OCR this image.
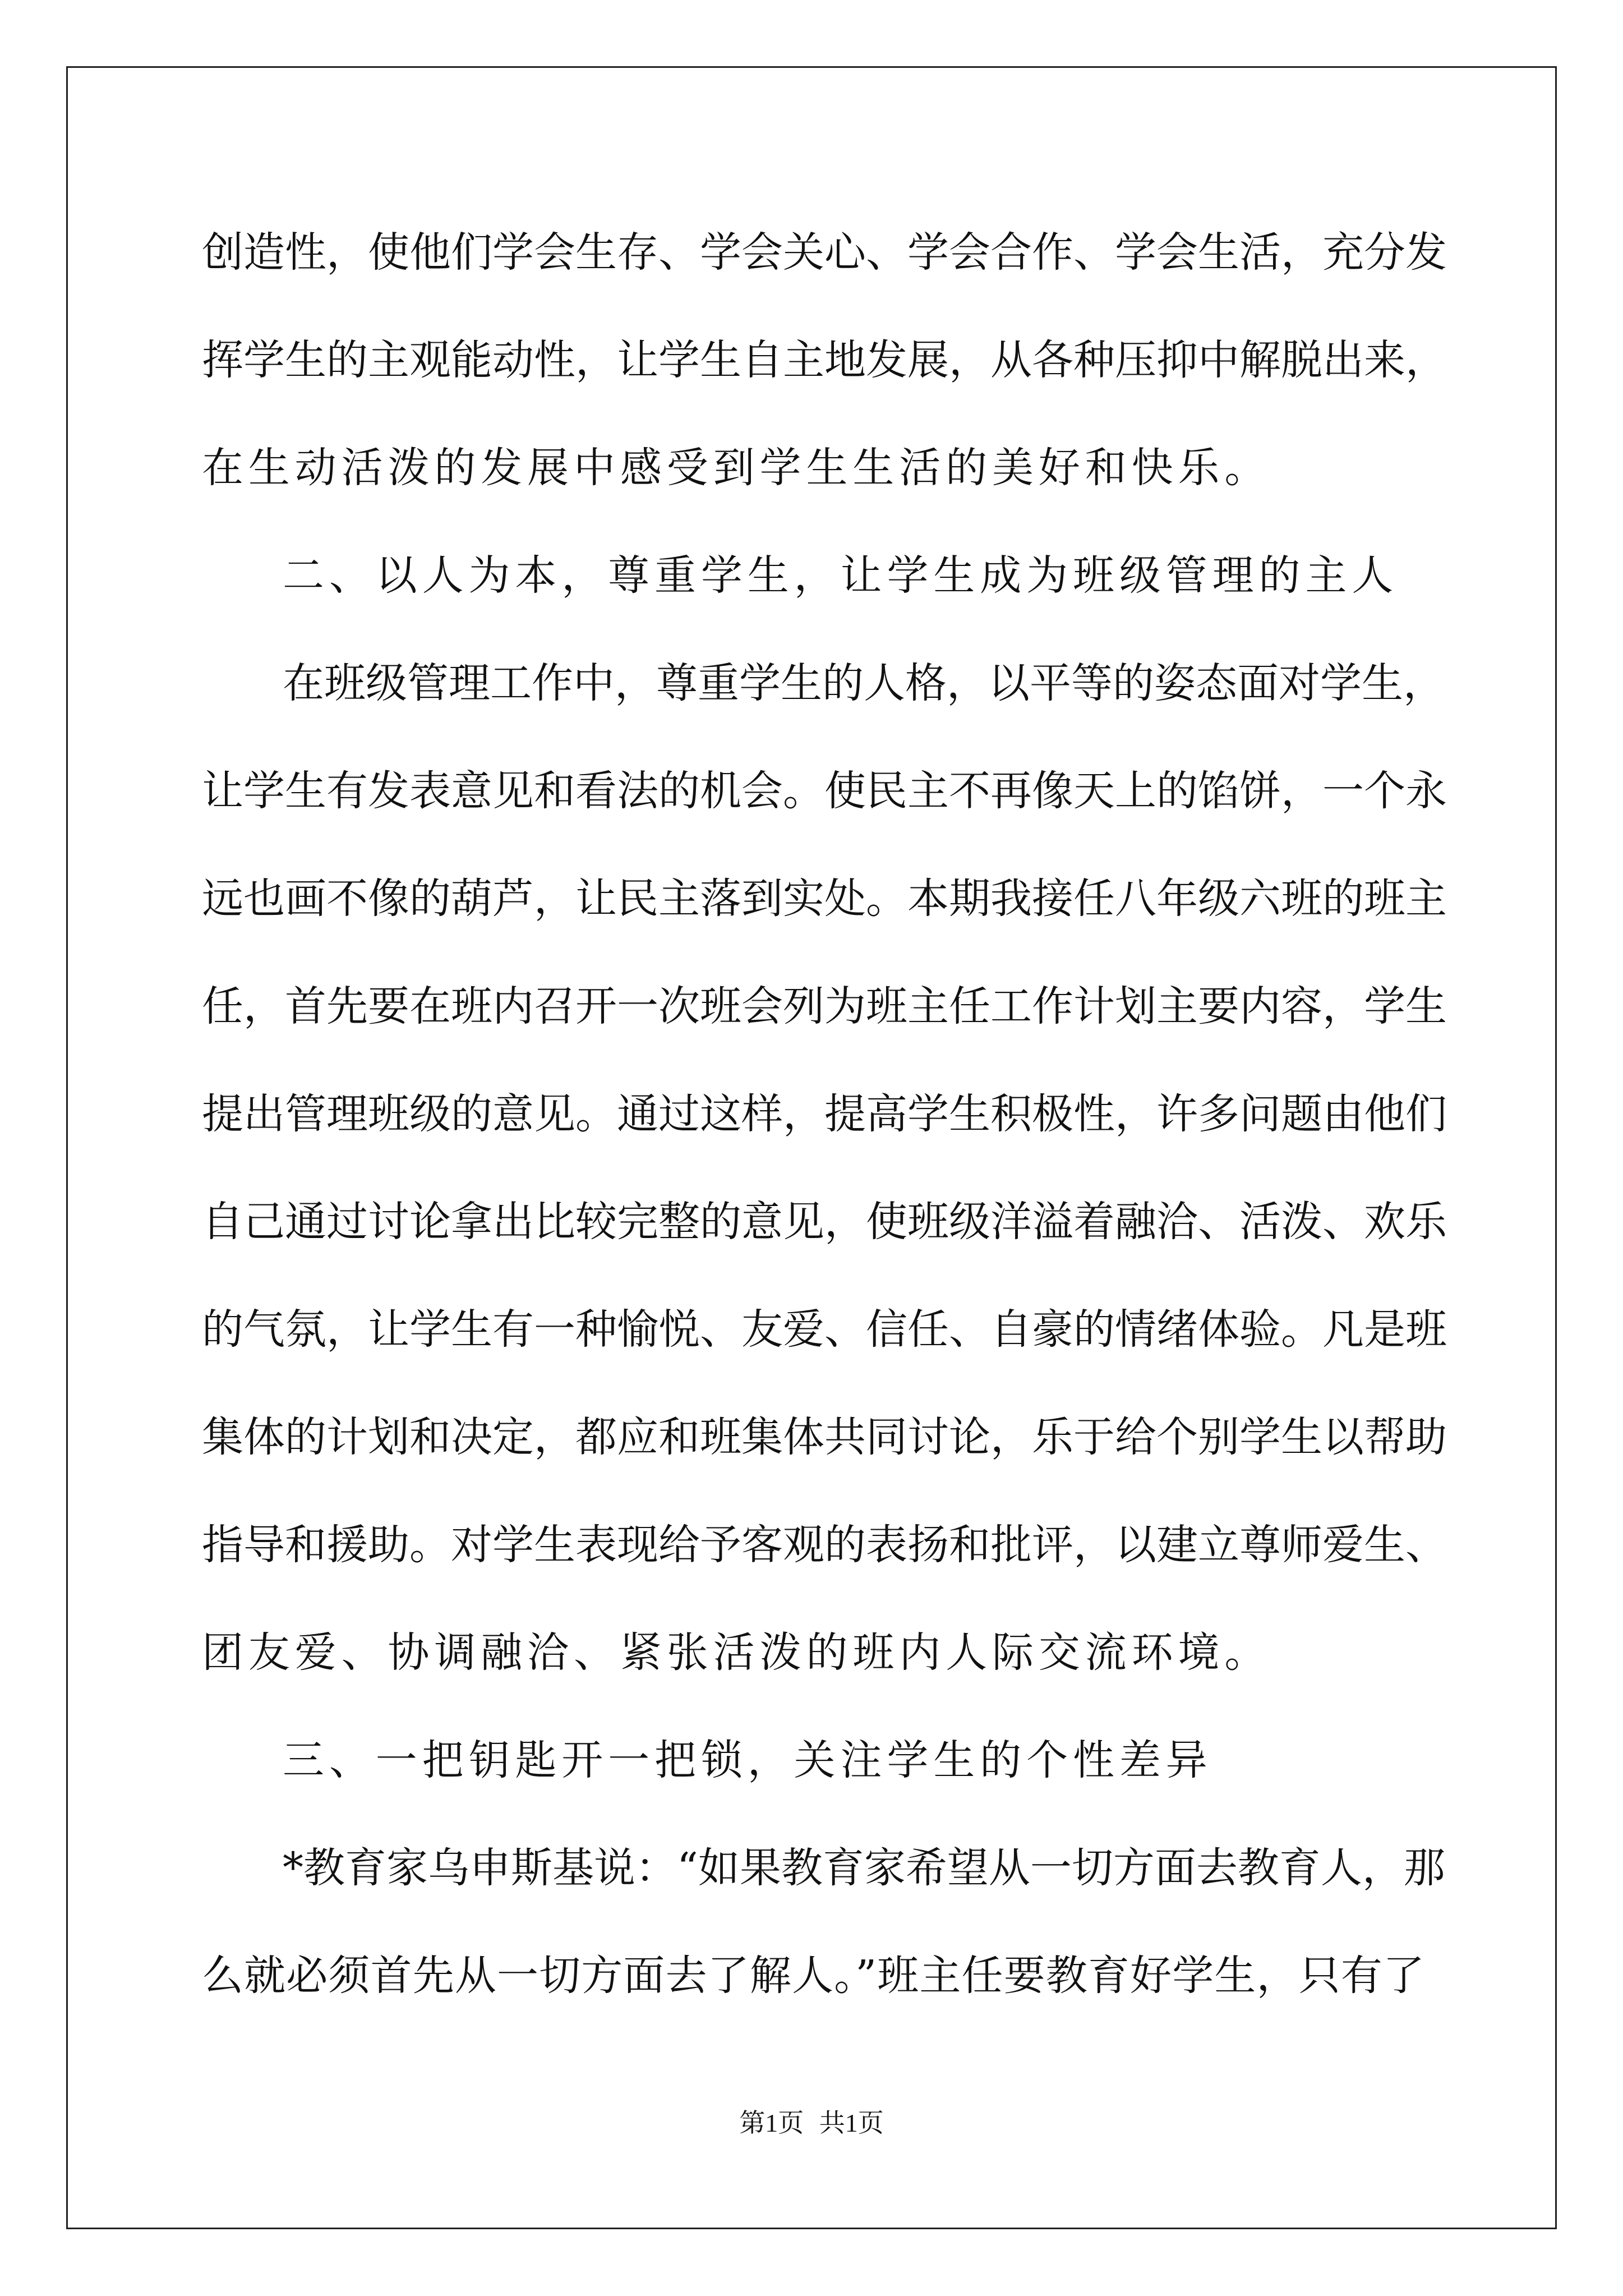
创造性，使他们学会生存、学会关心、学会合作、学会生活，充分发
挥学生的主观能动性，让学生自主地发展，从各种压抑中解脱出来，
在生动活泼的发展中感受到学生生活的美好和快乐。
二、以人为本，尊重学生，让学生成为班级管理的主人
在班级管理工作中，尊重学生的人格，以平等的姿态面对学生，
让学生有发表意见和看法的机会。使民主不再像天上的馅饼，一个永
远也画不像的葫芦，让民主落到实处。本期我接任八年级六班的班主
任，首先要在班内召开一次班会列为班主任工作计划主要内容，学生
提出管理班级的意见。通过这样，提高学生积极性，许多问题由他们
自己通过讨论拿出比较完整的意见，使班级洋溢着融洽、活泼、欢乐
的气氛，让学生有一种愉悦、友爱、信任、自豪的情绪体验。凡是班
集体的计划和决定，都应和班集体共同讨论，乐于给个别学生以帮助
指导和援助。对学生表现给予客观的表扬和批评，以建立尊师爱生、
团友爱、协调融洽、紧张活泼的班内人际交流环境。
三、一把钥匙开一把锁，关注学生的个性差异
*教育家乌申斯基说：“如果教育家希望从一切方面去教育人，那
么就必须首先从一切方面去了解人。”班主任要教育好学生，只有了
第1页 共1页
